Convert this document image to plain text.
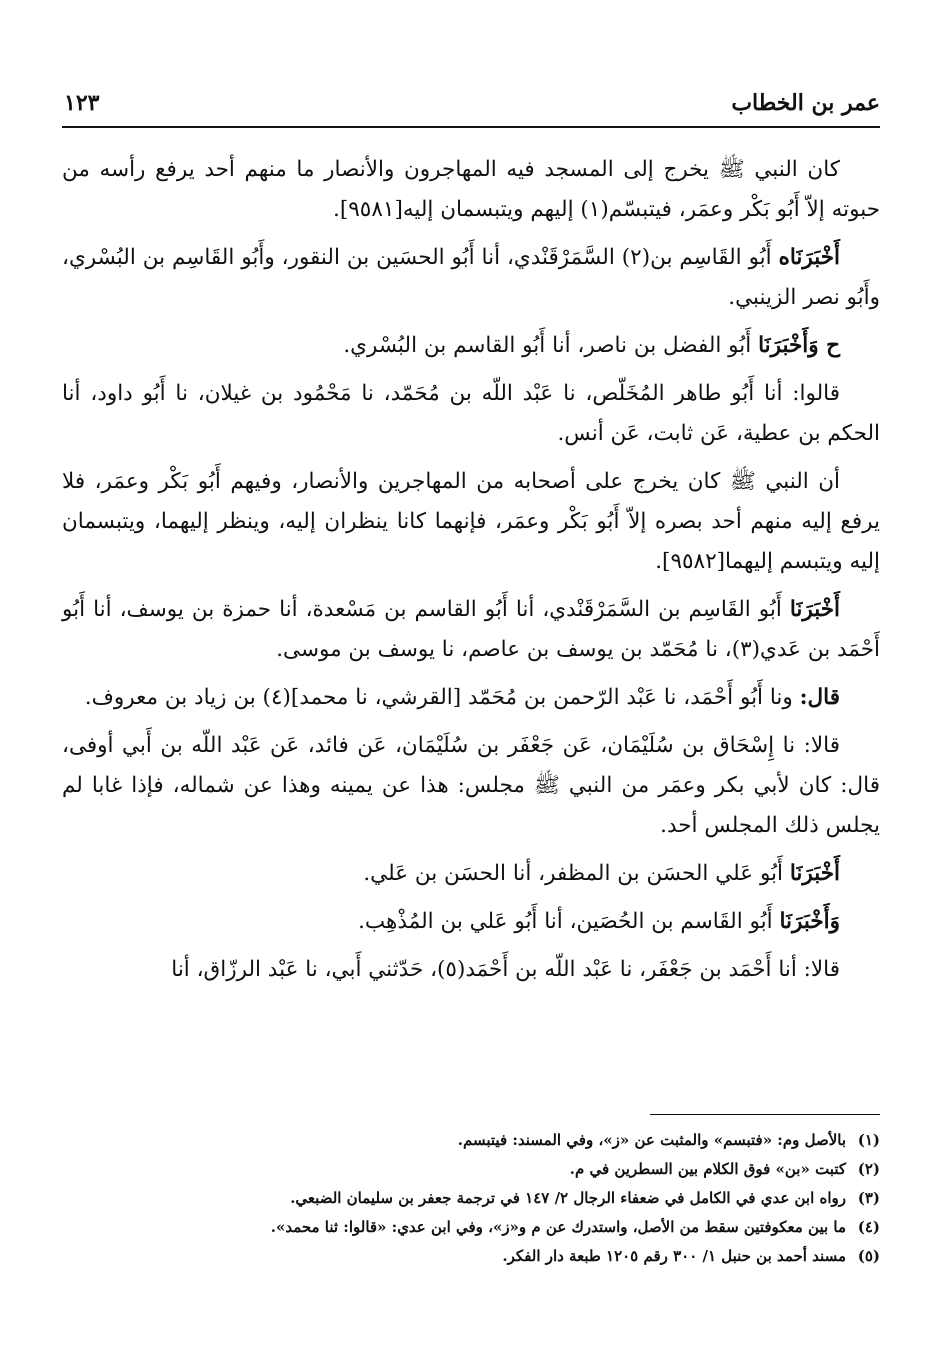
عمر بن الخطاب
١٢٣

كان النبي ﷺ يخرج إلى المسجد فيه المهاجرون والأنصار ما منهم أحد يرفع رأسه من حبوته إلاّ أَبُو بَكْر وعمَر، فيتبسّم(١) إليهم ويتبسمان إليه[٩٥٨١].

أَخْبَرَنَاه أَبُو القَاسِم بن(٢) السَّمَرْقَنْدي، أنا أَبُو الحسَين بن النقور، وأَبُو القَاسِم بن البُسْري، وأَبُو نصر الزينبي.

ح وَأَخْبَرَنَا أَبُو الفضل بن ناصر، أنا أَبُو القاسم بن البُسْري.

قالوا: أنا أَبُو طاهر المُخَلّص، نا عَبْد اللّه بن مُحَمّد، نا مَحْمُود بن غيلان، نا أَبُو داود، أنا الحكم بن عطية، عَن ثابت، عَن أنس.

أن النبي ﷺ كان يخرج على أصحابه من المهاجرين والأنصار، وفيهم أَبُو بَكْر وعمَر، فلا يرفع إليه منهم أحد بصره إلاّ أَبُو بَكْر وعمَر، فإنهما كانا ينظران إليه، وينظر إليهما، ويتبسمان إليه ويتبسم إليهما[٩٥٨٢].

أَخْبَرَنَا أَبُو القَاسِم بن السَّمَرْقَنْدي، أنا أَبُو القاسم بن مَسْعدة، أنا حمزة بن يوسف، أنا أَبُو أَحْمَد بن عَدي(٣)، نا مُحَمّد بن يوسف بن عاصم، نا يوسف بن موسى.

قال: ونا أَبُو أَحْمَد، نا عَبْد الرّحمن بن مُحَمّد [القرشي، نا محمد](٤) بن زياد بن معروف.

قالا: نا إِسْحَاق بن سُلَيْمَان، عَن جَعْفَر بن سُلَيْمَان، عَن فائد، عَن عَبْد اللّه بن أَبي أوفى، قال: كان لأبي بكر وعمَر من النبي ﷺ مجلس: هذا عن يمينه وهذا عن شماله، فإذا غابا لم يجلس ذلك المجلس أحد.

أَخْبَرَنَا أَبُو عَلي الحسَن بن المظفر، أنا الحسَن بن عَلي.

وَأَخْبَرَنَا أَبُو القَاسم بن الحُصَين، أنا أَبُو عَلي بن المُذْهِب.

قالا: أنا أَحْمَد بن جَعْفَر، نا عَبْد اللّه بن أَحْمَد(٥)، حَدّثني أَبي، نا عَبْد الرزّاق، أنا

(١)
بالأصل وم: «فتبسم» والمثبت عن «ز»، وفي المسند: فيتبسم.
(٢)
كتبت «بن» فوق الكلام بين السطرين في م.
(٣)
رواه ابن عدي في الكامل في ضعفاء الرجال ٢/ ١٤٧ في ترجمة جعفر بن سليمان الضبعي.
(٤)
ما بين معكوفتين سقط من الأصل، واستدرك عن م و«ز»، وفي ابن عدي: «قالوا: ثنا محمد».
(٥)
مسند أحمد بن حنبل ١/ ٣٠٠ رقم ١٢٠٥ طبعة دار الفكر.
